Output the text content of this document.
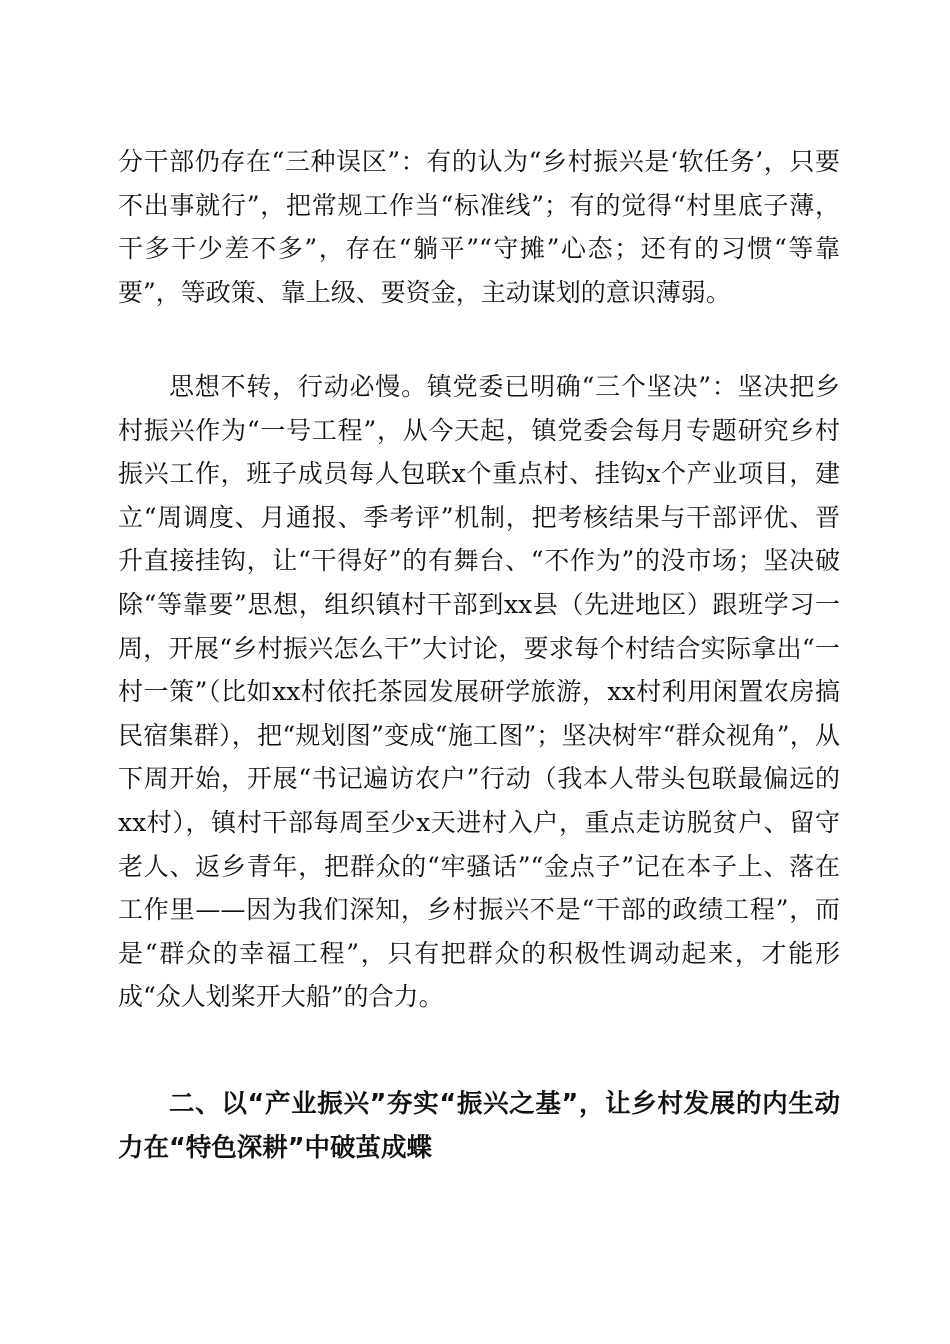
分干部仍存在“三种误区”：有的认为“乡村振兴是‘软任务’，只要不出事就行”，把常规工作当“标准线”；有的觉得“村里底子薄，干多干少差不多”，存在“躺平”“守摊”心态；还有的习惯“等靠要”，等政策、靠上级、要资金，主动谋划的意识薄弱。

思想不转，行动必慢。镇党委已明确“三个坚决”：坚决把乡村振兴作为“一号工程”，从今天起，镇党委会每月专题研究乡村振兴工作，班子成员每人包联x个重点村、挂钩x个产业项目，建立“周调度、月通报、季考评”机制，把考核结果与干部评优、晋升直接挂钩，让“干得好”的有舞台、“不作为”的没市场；坚决破除“等靠要”思想，组织镇村干部到xx县（先进地区）跟班学习一周，开展“乡村振兴怎么干”大讨论，要求每个村结合实际拿出“一村一策”（比如xx村依托茶园发展研学旅游，xx村利用闲置农房搞民宿集群），把“规划图”变成“施工图”；坚决树牢“群众视角”，从下周开始，开展“书记遍访农户”行动（我本人带头包联最偏远的xx村），镇村干部每周至少x天进村入户，重点走访脱贫户、留守老人、返乡青年，把群众的“牢骚话”“金点子”记在本子上、落在工作里——因为我们深知，乡村振兴不是“干部的政绩工程”，而是“群众的幸福工程”，只有把群众的积极性调动起来，才能形成“众人划桨开大船”的合力。

二、以“产业振兴”夯实“振兴之基”，让乡村发展的内生动力在“特色深耕”中破茧成蝶
